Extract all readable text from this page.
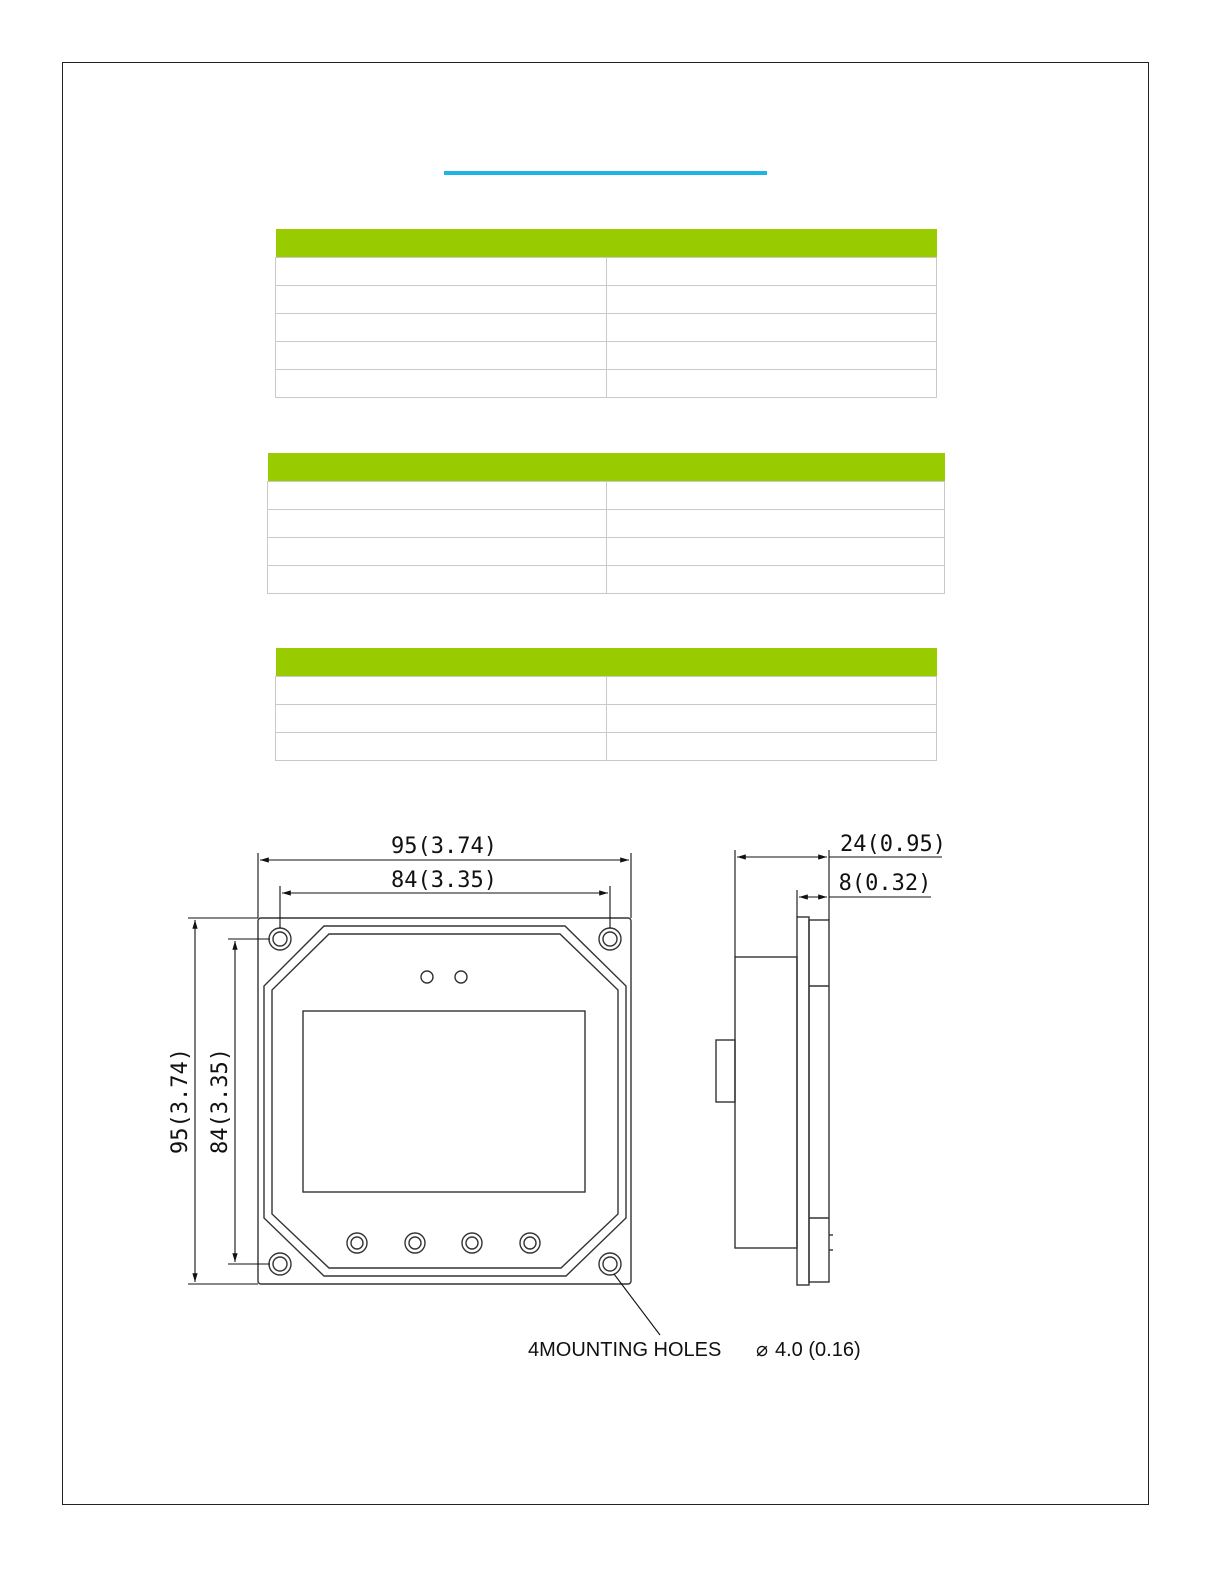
95(3.74)
84(3.35)
95(3.74) 84(3.35)
24(0.95)
8(0.32)
4MOUNTING HOLES ⌀ 4.0 (0.16)
